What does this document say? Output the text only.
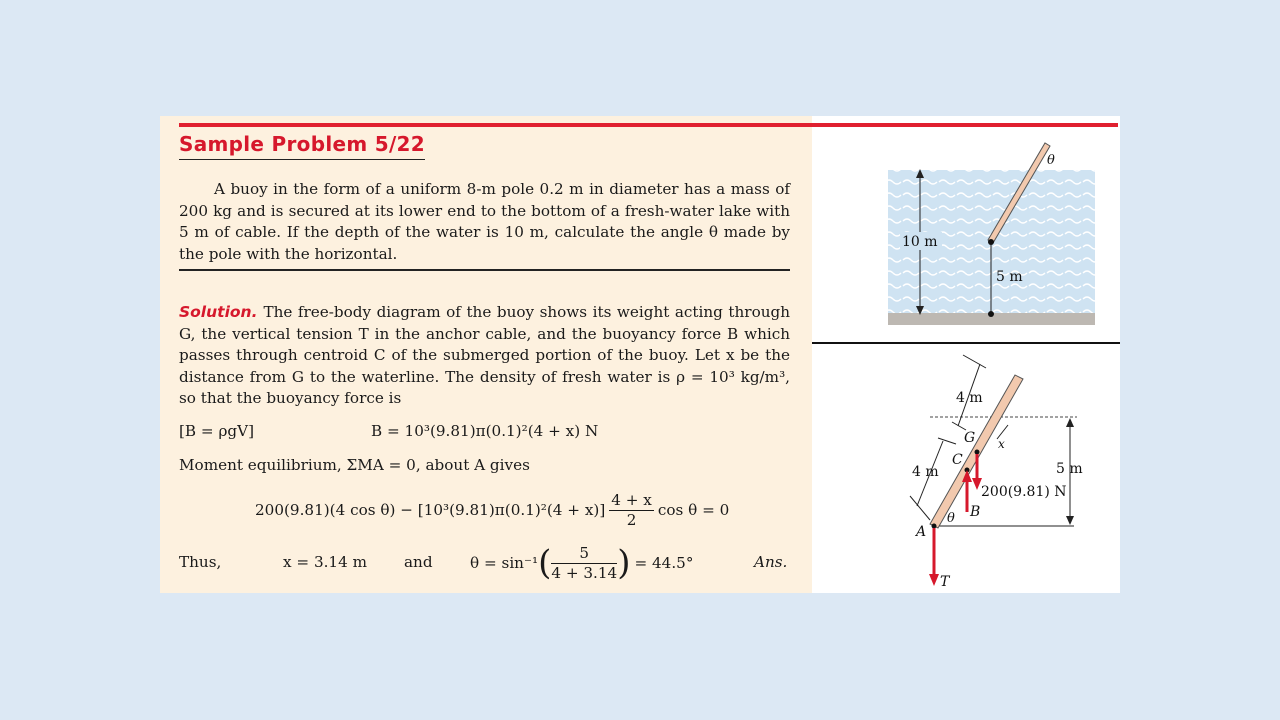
Sample Problem 5/22

A buoy in the form of a uniform 8-m pole 0.2 m in diameter has a mass of 200 kg and is secured at its lower end to the bottom of a fresh-water lake with 5 m of cable. If the depth of the water is 10 m, calculate the angle θ made by the pole with the horizontal.

Solution. The free-body diagram of the buoy shows its weight acting through G, the vertical tension T in the anchor cable, and the buoyancy force B which passes through centroid C of the submerged portion of the buoy. Let x be the distance from G to the waterline. The density of fresh water is ρ = 10³ kg/m³, so that the buoyancy force is

[B = ρgV]	B = 10³(9.81)π(0.1)²(4 + x) N
Moment equilibrium, ΣMA = 0, about A gives
200(9.81)(4 $\cos \theta) - [10^3(9.81)\pi(0.1)^2(4 + x)] \frac{4 + x}{2}$ cos θ = 0
Thus,	x = 3.14 m and θ = sin⁻¹ ( $\frac{5}{4 + 3.14}$ ) = 44.5°	Ans.
10 m
5 m
θ
5 m
4 m
4 m
x
G
C
200(9.81) N
B
θ
A
T
